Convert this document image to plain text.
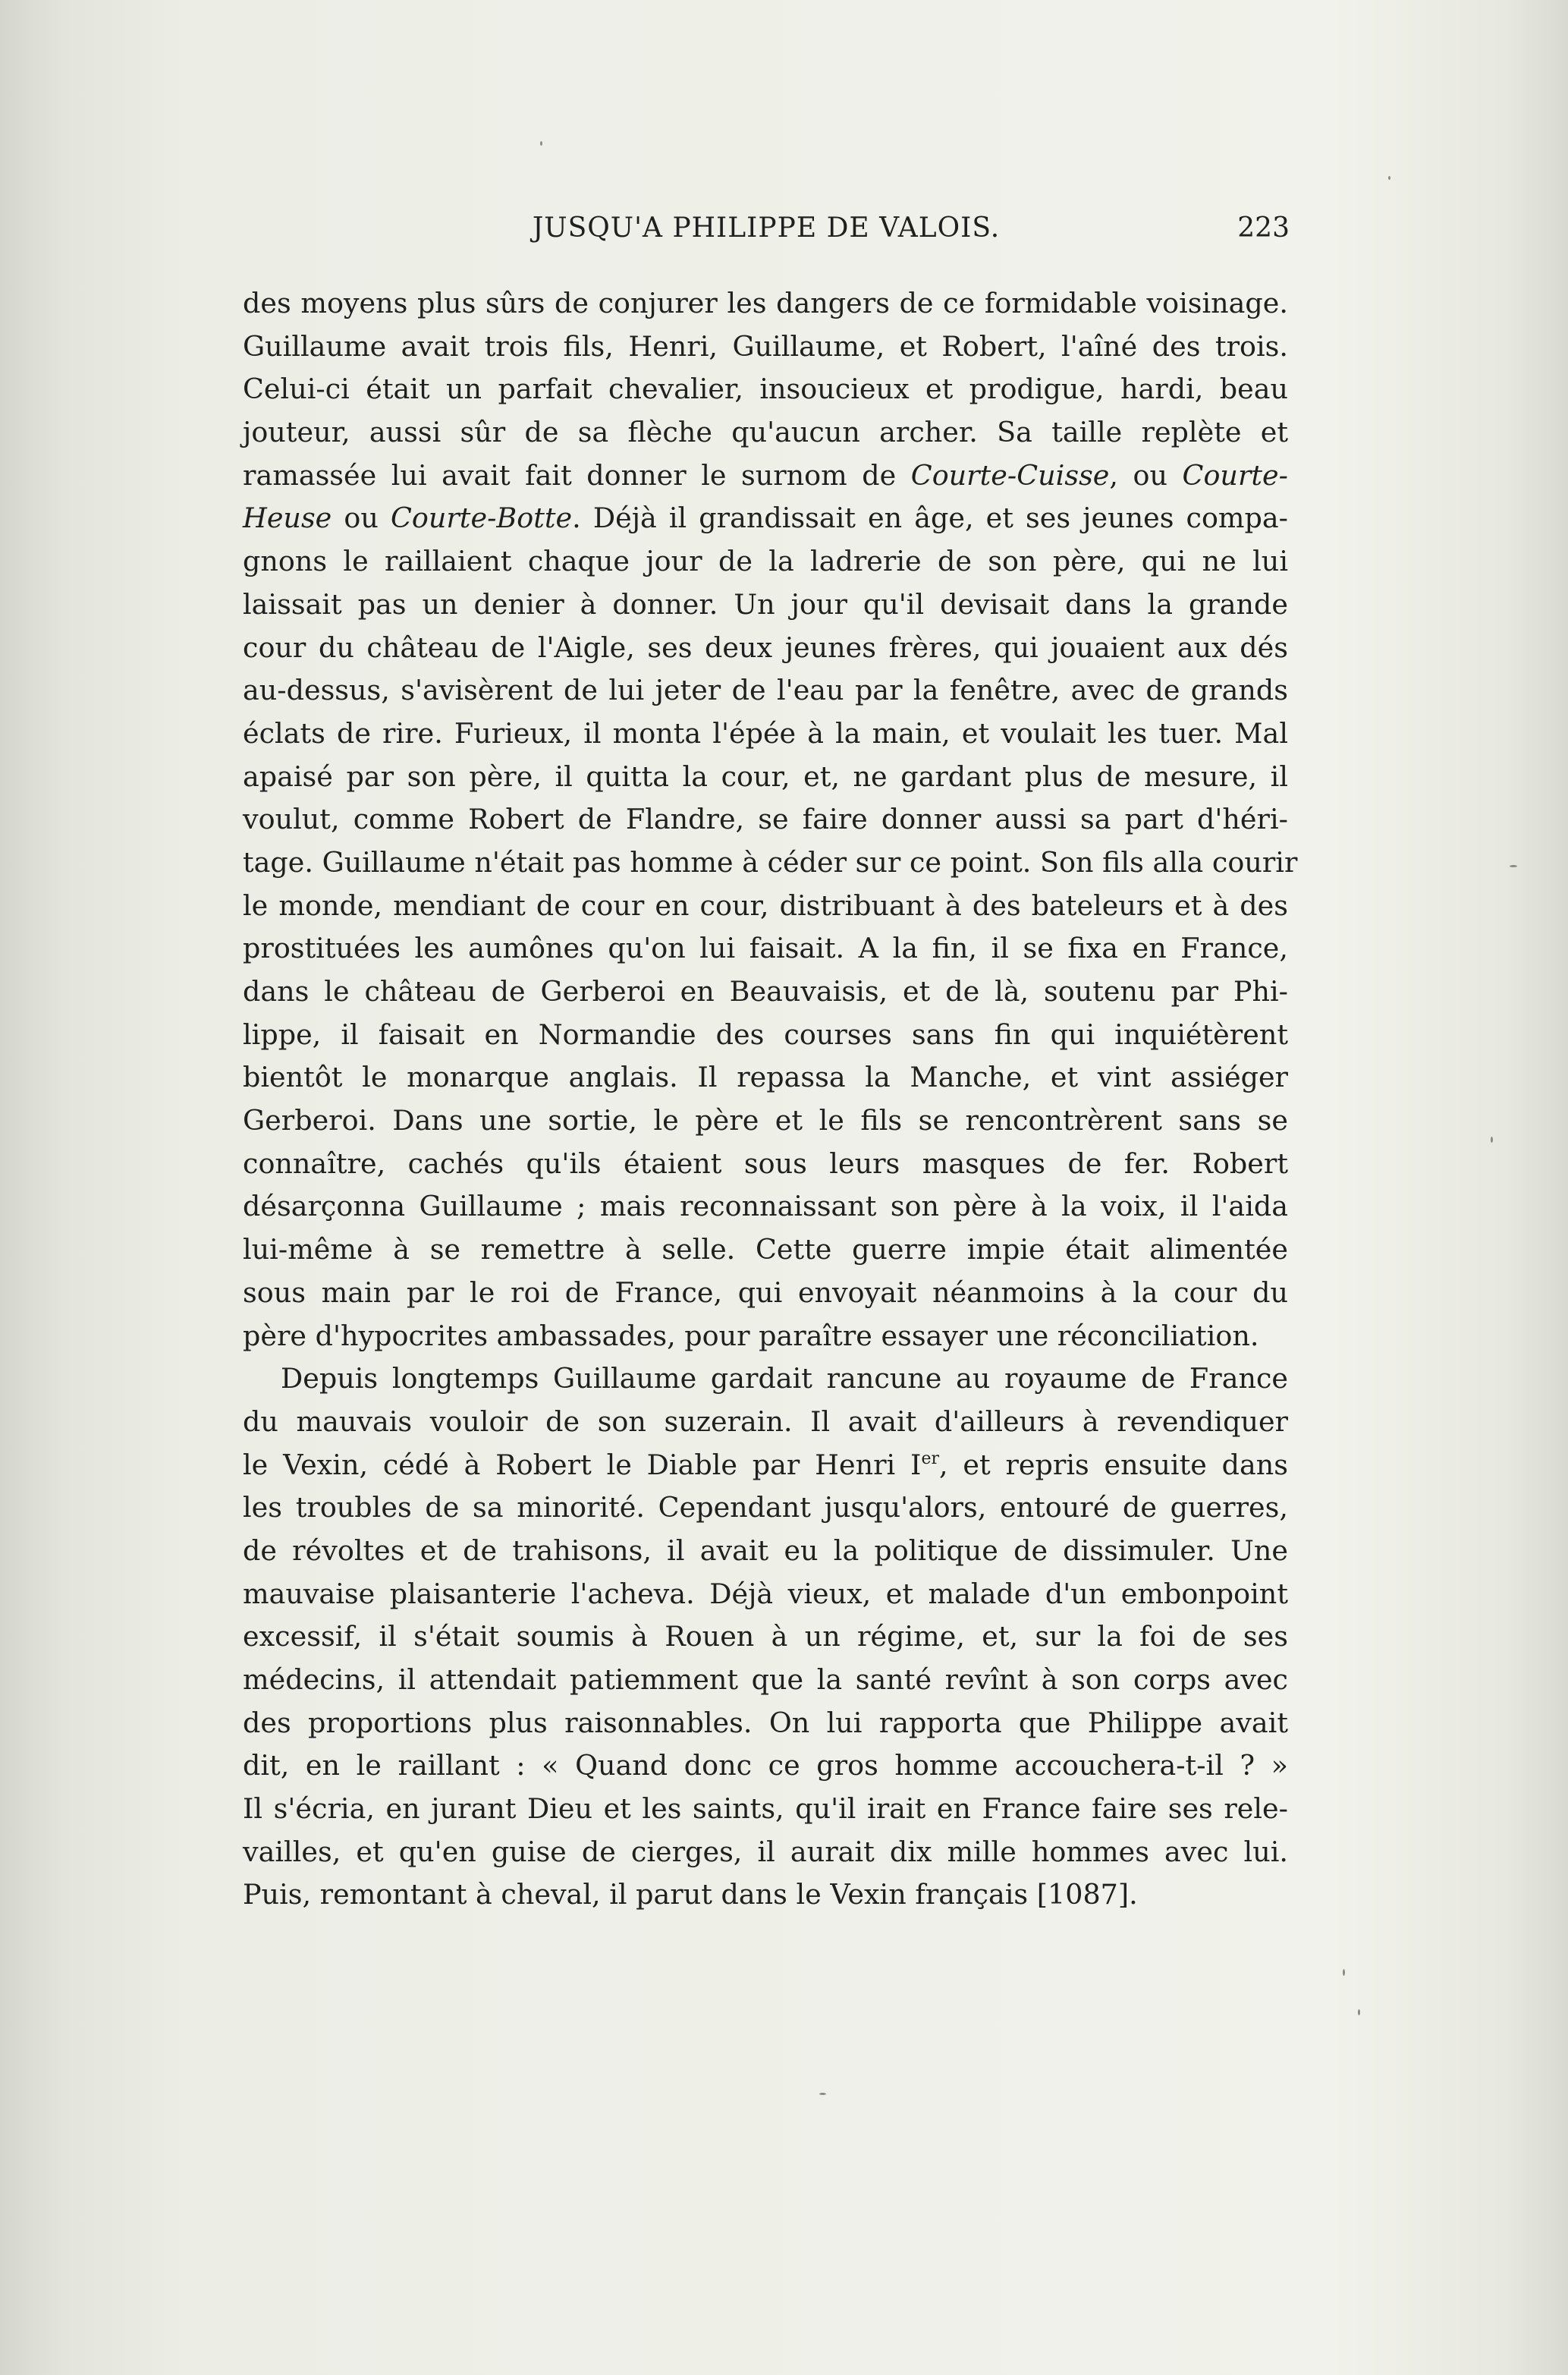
JUSQU'A PHILIPPE DE VALOIS.	223
des moyens plus sûrs de conjurer les dangers de ce formidable voisinage.
Guillaume avait trois fils, Henri, Guillaume, et Robert, l'aîné des trois.
Celui-ci était un parfait chevalier, insoucieux et prodigue, hardi, beau
jouteur, aussi sûr de sa flèche qu'aucun archer. Sa taille replète et
ramassée lui avait fait donner le surnom de Courte-Cuisse, ou Courte-
Heuse ou Courte-Botte. Déjà il grandissait en âge, et ses jeunes compa-
gnons le raillaient chaque jour de la ladrerie de son père, qui ne lui
laissait pas un denier à donner. Un jour qu'il devisait dans la grande
cour du château de l'Aigle, ses deux jeunes frères, qui jouaient aux dés
au-dessus, s'avisèrent de lui jeter de l'eau par la fenêtre, avec de grands
éclats de rire. Furieux, il monta l'épée à la main, et voulait les tuer. Mal
apaisé par son père, il quitta la cour, et, ne gardant plus de mesure, il
voulut, comme Robert de Flandre, se faire donner aussi sa part d'héri-
tage. Guillaume n'était pas homme à céder sur ce point. Son fils alla courir
le monde, mendiant de cour en cour, distribuant à des bateleurs et à des
prostituées les aumônes qu'on lui faisait. A la fin, il se fixa en France,
dans le château de Gerberoi en Beauvaisis, et de là, soutenu par Phi-
lippe, il faisait en Normandie des courses sans fin qui inquiétèrent
bientôt le monarque anglais. Il repassa la Manche, et vint assiéger
Gerberoi. Dans une sortie, le père et le fils se rencontrèrent sans se
connaître, cachés qu'ils étaient sous leurs masques de fer. Robert
désarçonna Guillaume ; mais reconnaissant son père à la voix, il l'aida
lui-même à se remettre à selle. Cette guerre impie était alimentée
sous main par le roi de France, qui envoyait néanmoins à la cour du
père d'hypocrites ambassades, pour paraître essayer une réconciliation.
Depuis longtemps Guillaume gardait rancune au royaume de France
du mauvais vouloir de son suzerain. Il avait d'ailleurs à revendiquer
le Vexin, cédé à Robert le Diable par Henri Ier, et repris ensuite dans
les troubles de sa minorité. Cependant jusqu'alors, entouré de guerres,
de révoltes et de trahisons, il avait eu la politique de dissimuler. Une
mauvaise plaisanterie l'acheva. Déjà vieux, et malade d'un embonpoint
excessif, il s'était soumis à Rouen à un régime, et, sur la foi de ses
médecins, il attendait patiemment que la santé revînt à son corps avec
des proportions plus raisonnables. On lui rapporta que Philippe avait
dit, en le raillant : « Quand donc ce gros homme accouchera-t-il ? »
Il s'écria, en jurant Dieu et les saints, qu'il irait en France faire ses rele-
vailles, et qu'en guise de cierges, il aurait dix mille hommes avec lui.
Puis, remontant à cheval, il parut dans le Vexin français [1087].
